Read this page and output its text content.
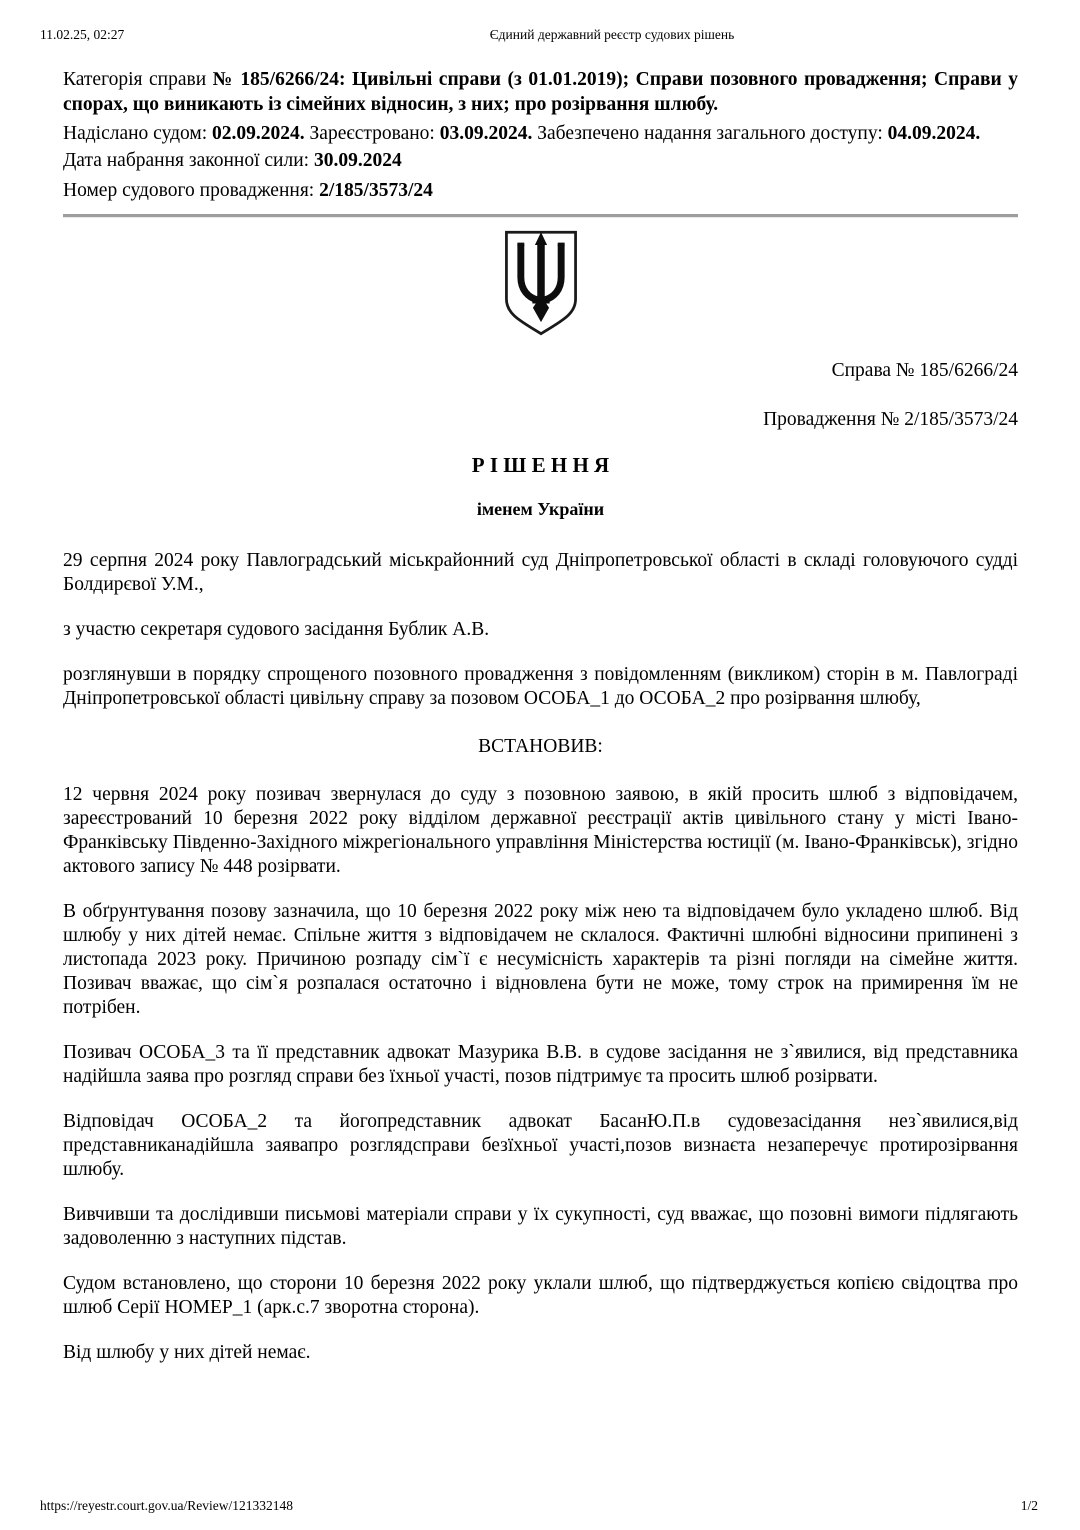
11.02.25, 02:27	Єдиний державний реєстр судових рішень

Категорія справи № 185/6266/24: Цивільні справи (з 01.01.2019); Справи позовного провадження; Справи у спорах, що виникають із сімейних відносин, з них; про розірвання шлюбу.

Надіслано судом: 02.09.2024. Зареєстровано: 03.09.2024. Забезпечено надання загального доступу: 04.09.2024.

Дата набрання законної сили: 30.09.2024

Номер судового провадження: 2/185/3573/24

Справа № 185/6266/24

Провадження № 2/185/3573/24

Р І Ш Е Н Н Я

іменем України

29 серпня 2024 року Павлоградський міськрайонний суд Дніпропетровської області в складі головуючого судді Болдирєвої У.М.,

з участю секретаря судового засідання Бублик А.В.

розглянувши в порядку спрощеного позовного провадження з повідомленням (викликом) сторін в м. Павлограді Дніпропетровської області цивільну справу за позовом ОСОБА_1 до ОСОБА_2 про розірвання шлюбу,

ВСТАНОВИВ:

12 червня 2024 року позивач звернулася до суду з позовною заявою, в якій просить шлюб з відповідачем, зареєстрований 10 березня 2022 року відділом державної реєстрації актів цивільного стану у місті Івано-Франківську Південно-Західного міжрегіонального управління Міністерства юстиції (м. Івано-Франківськ), згідно актового запису № 448 розірвати.

В обґрунтування позову зазначила, що 10 березня 2022 року між нею та відповідачем було укладено шлюб. Від шлюбу у них дітей немає. Спільне життя з відповідачем не склалося. Фактичні шлюбні відносини припинені з листопада 2023 року. Причиною розпаду сім`ї є несумісність характерів та різні погляди на сімейне життя. Позивач вважає, що сім`я розпалася остаточно і відновлена бути не може, тому строк на примирення їм не потрібен.

Позивач ОСОБА_3 та її представник адвокат Мазурика В.В. в судове засідання не з`явилися, від представника надійшла заява про розгляд справи без їхньої участі, позов підтримує та просить шлюб розірвати.

Відповідач ОСОБА_2 та йогопредставник адвокат БасанЮ.П.в судовезасідання нез`явилися,від представниканадійшла заявапро розглядсправи безїхньої участі,позов визнаєта незаперечує протирозірвання шлюбу.

Вивчивши та дослідивши письмові матеріали справи у їх сукупності, суд вважає, що позовні вимоги підлягають задоволенню з наступних підстав.

Судом встановлено, що сторони 10 березня 2022 року уклали шлюб, що підтверджується копією свідоцтва про шлюб Серії НОМЕР_1 (арк.с.7 зворотна сторона).

Від шлюбу у них дітей немає.

https://reyestr.court.gov.ua/Review/121332148	1/2
